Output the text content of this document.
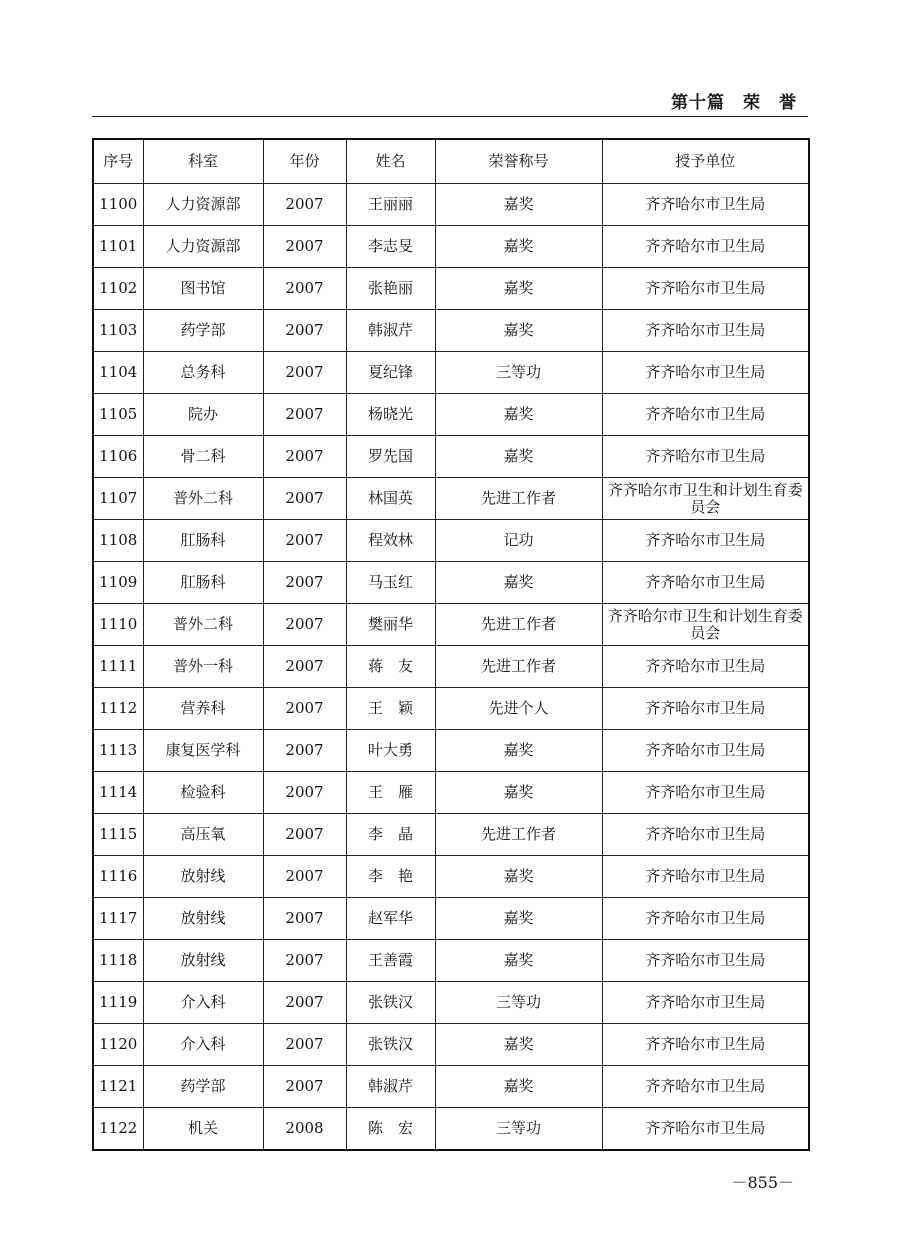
第十篇 荣　誉
序号	科室	年份	姓名	荣誉称号	授予单位
1100	人力资源部	2007	王丽丽	嘉奖	齐齐哈尔市卫生局
1101	人力资源部	2007	李志旻	嘉奖	齐齐哈尔市卫生局
1102	图书馆	2007	张艳丽	嘉奖	齐齐哈尔市卫生局
1103	药学部	2007	韩淑芹	嘉奖	齐齐哈尔市卫生局
1104	总务科	2007	夏纪锋	三等功	齐齐哈尔市卫生局
1105	院办	2007	杨晓光	嘉奖	齐齐哈尔市卫生局
1106	骨二科	2007	罗先国	嘉奖	齐齐哈尔市卫生局
1107	普外二科	2007	林国英	先进工作者	齐齐哈尔市卫生和计划生育委员会
1108	肛肠科	2007	程效林	记功	齐齐哈尔市卫生局
1109	肛肠科	2007	马玉红	嘉奖	齐齐哈尔市卫生局
1110	普外二科	2007	樊丽华	先进工作者	齐齐哈尔市卫生和计划生育委员会
1111	普外一科	2007	蒋　友	先进工作者	齐齐哈尔市卫生局
1112	营养科	2007	王　颖	先进个人	齐齐哈尔市卫生局
1113	康复医学科	2007	叶大勇	嘉奖	齐齐哈尔市卫生局
1114	检验科	2007	王　雁	嘉奖	齐齐哈尔市卫生局
1115	高压氧	2007	李　晶	先进工作者	齐齐哈尔市卫生局
1116	放射线	2007	李　艳	嘉奖	齐齐哈尔市卫生局
1117	放射线	2007	赵军华	嘉奖	齐齐哈尔市卫生局
1118	放射线	2007	王善霞	嘉奖	齐齐哈尔市卫生局
1119	介入科	2007	张铁汉	三等功	齐齐哈尔市卫生局
1120	介入科	2007	张铁汉	嘉奖	齐齐哈尔市卫生局
1121	药学部	2007	韩淑芹	嘉奖	齐齐哈尔市卫生局
1122	机关	2008	陈　宏	三等功	齐齐哈尔市卫生局
－855－
